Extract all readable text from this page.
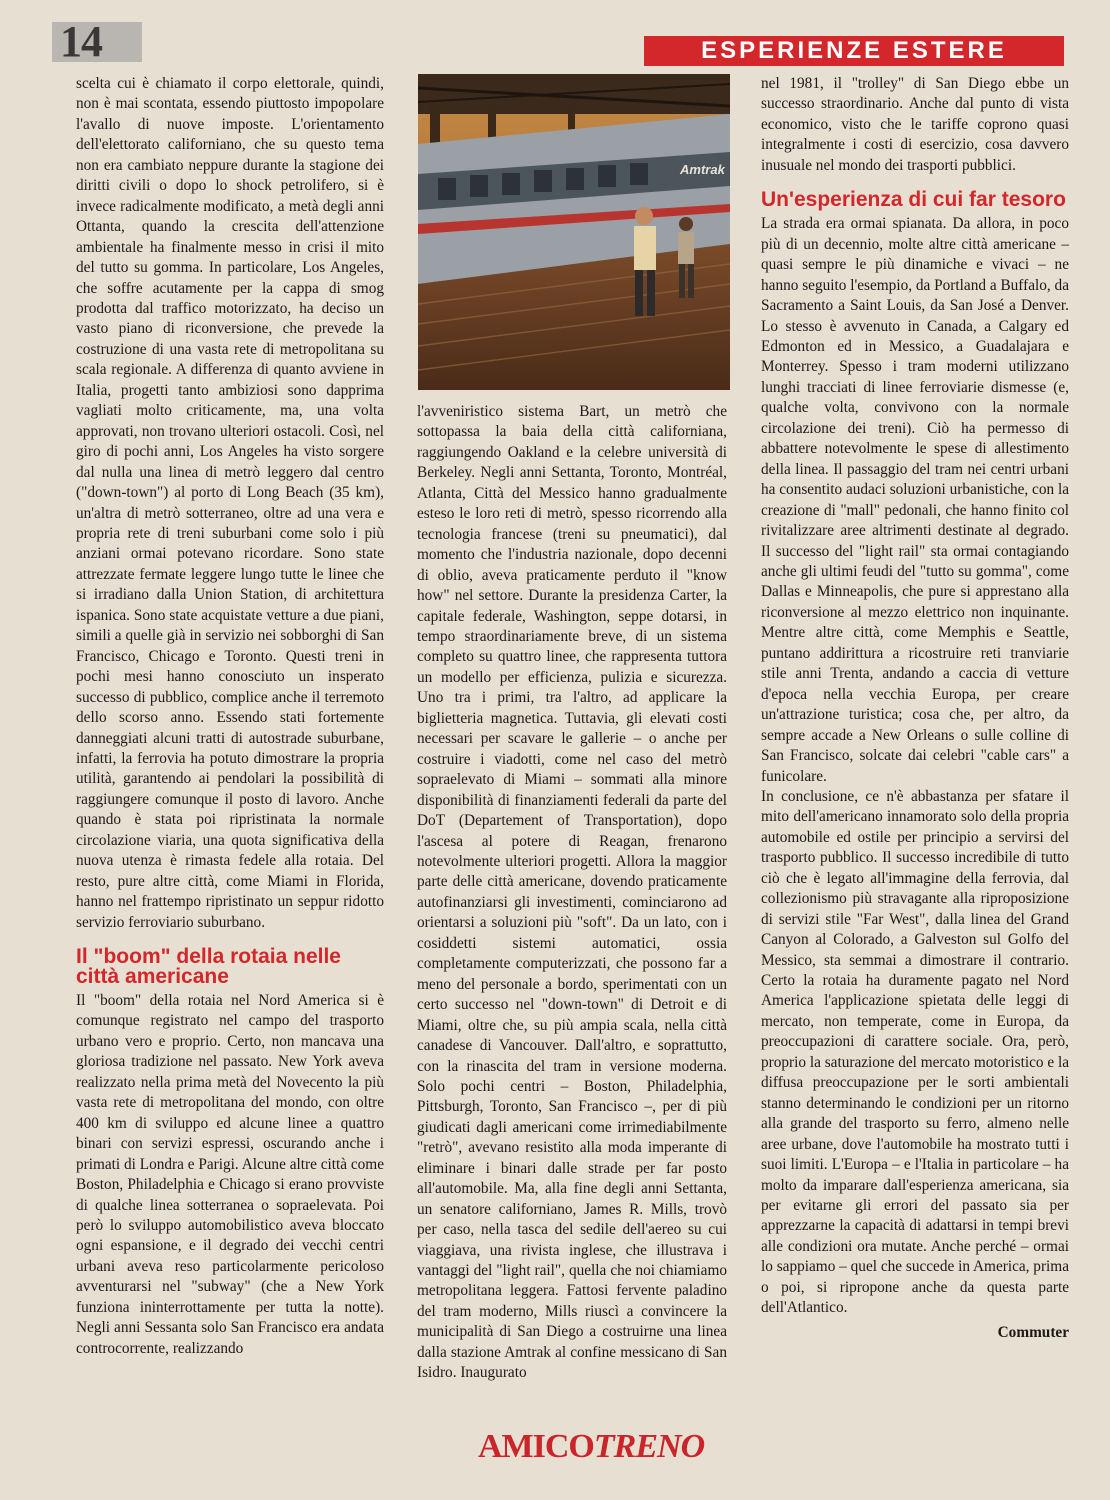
14	ESPERIENZE ESTERE

scelta cui è chiamato il corpo elettorale, quindi, non è mai scontata, essendo piuttosto impopolare l'avallo di nuove imposte. L'orientamento dell'elettorato californiano, che su questo tema non era cambiato neppure durante la stagione dei diritti civili o dopo lo shock petrolifero, si è invece radicalmente modificato, a metà degli anni Ottanta, quando la crescita dell'attenzione ambientale ha finalmente messo in crisi il mito del tutto su gomma. In particolare, Los Angeles, che soffre acutamente per la cappa di smog prodotta dal traffico motorizzato, ha deciso un vasto piano di riconversione, che prevede la costruzione di una vasta rete di metropolitana su scala regionale. A differenza di quanto avviene in Italia, progetti tanto ambiziosi sono dapprima vagliati molto criticamente, ma, una volta approvati, non trovano ulteriori ostacoli. Così, nel giro di pochi anni, Los Angeles ha visto sorgere dal nulla una linea di metrò leggero dal centro ("down-town") al porto di Long Beach (35 km), un'altra di metrò sotterraneo, oltre ad una vera e propria rete di treni suburbani come solo i più anziani ormai potevano ricordare. Sono state attrezzate fermate leggere lungo tutte le linee che si irradiano dalla Union Station, di architettura ispanica. Sono state acquistate vetture a due piani, simili a quelle già in servizio nei sobborghi di San Francisco, Chicago e Toronto. Questi treni in pochi mesi hanno conosciuto un insperato successo di pubblico, complice anche il terremoto dello scorso anno. Essendo stati fortemente danneggiati alcuni tratti di autostrade suburbane, infatti, la ferrovia ha potuto dimostrare la propria utilità, garantendo ai pendolari la possibilità di raggiungere comunque il posto di lavoro. Anche quando è stata poi ripristinata la normale circolazione viaria, una quota significativa della nuova utenza è rimasta fedele alla rotaia. Del resto, pure altre città, come Miami in Florida, hanno nel frattempo ripristinato un seppur ridotto servizio ferroviario suburbano.

Il "boom" della rotaia nelle città americane

Il "boom" della rotaia nel Nord America si è comunque registrato nel campo del trasporto urbano vero e proprio. Certo, non mancava una gloriosa tradizione nel passato. New York aveva realizzato nella prima metà del Novecento la più vasta rete di metropolitana del mondo, con oltre 400 km di sviluppo ed alcune linee a quattro binari con servizi espressi, oscurando anche i primati di Londra e Parigi. Alcune altre città come Boston, Philadelphia e Chicago si erano provviste di qualche linea sotterranea o sopraelevata. Poi però lo sviluppo automobilistico aveva bloccato ogni espansione, e il degrado dei vecchi centri urbani aveva reso particolarmente pericoloso avventurarsi nel "subway" (che a New York funziona ininterrottamente per tutta la notte). Negli anni Sessanta solo San Francisco era andata controcorrente, realizzando

Amtrak

l'avveniristico sistema Bart, un metrò che sottopassa la baia della città californiana, raggiungendo Oakland e la celebre università di Berkeley. Negli anni Settanta, Toronto, Montréal, Atlanta, Città del Messico hanno gradualmente esteso le loro reti di metrò, spesso ricorrendo alla tecnologia francese (treni su pneumatici), dal momento che l'industria nazionale, dopo decenni di oblio, aveva praticamente perduto il "know how" nel settore. Durante la presidenza Carter, la capitale federale, Washington, seppe dotarsi, in tempo straordinariamente breve, di un sistema completo su quattro linee, che rappresenta tuttora un modello per efficienza, pulizia e sicurezza. Uno tra i primi, tra l'altro, ad applicare la biglietteria magnetica. Tuttavia, gli elevati costi necessari per scavare le gallerie – o anche per costruire i viadotti, come nel caso del metrò sopraelevato di Miami – sommati alla minore disponibilità di finanziamenti federali da parte del DoT (Departement of Transportation), dopo l'ascesa al potere di Reagan, frenarono notevolmente ulteriori progetti. Allora la maggior parte delle città americane, dovendo praticamente autofinanziarsi gli investimenti, cominciarono ad orientarsi a soluzioni più "soft". Da un lato, con i cosiddetti sistemi automatici, ossia completamente computerizzati, che possono far a meno del personale a bordo, sperimentati con un certo successo nel "down-town" di Detroit e di Miami, oltre che, su più ampia scala, nella città canadese di Vancouver. Dall'altro, e soprattutto, con la rinascita del tram in versione moderna. Solo pochi centri – Boston, Philadelphia, Pittsburgh, Toronto, San Francisco –, per di più giudicati dagli americani come irrimediabilmente "retrò", avevano resistito alla moda imperante di eliminare i binari dalle strade per far posto all'automobile. Ma, alla fine degli anni Settanta, un senatore californiano, James R. Mills, trovò per caso, nella tasca del sedile dell'aereo su cui viaggiava, una rivista inglese, che illustrava i vantaggi del "light rail", quella che noi chiamiamo metropolitana leggera. Fattosi fervente paladino del tram moderno, Mills riuscì a convincere la municipalità di San Diego a costruirne una linea dalla stazione Amtrak al confine messicano di San Isidro. Inaugurato

nel 1981, il "trolley" di San Diego ebbe un successo straordinario. Anche dal punto di vista economico, visto che le tariffe coprono quasi integralmente i costi di esercizio, cosa davvero inusuale nel mondo dei trasporti pubblici.

Un'esperienza di cui far tesoro

La strada era ormai spianata. Da allora, in poco più di un decennio, molte altre città americane – quasi sempre le più dinamiche e vivaci – ne hanno seguito l'esempio, da Portland a Buffalo, da Sacramento a Saint Louis, da San José a Denver. Lo stesso è avvenuto in Canada, a Calgary ed Edmonton ed in Messico, a Guadalajara e Monterrey. Spesso i tram moderni utilizzano lunghi tracciati di linee ferroviarie dismesse (e, qualche volta, convivono con la normale circolazione dei treni). Ciò ha permesso di abbattere notevolmente le spese di allestimento della linea. Il passaggio del tram nei centri urbani ha consentito audaci soluzioni urbanistiche, con la creazione di "mall" pedonali, che hanno finito col rivitalizzare aree altrimenti destinate al degrado. Il successo del "light rail" sta ormai contagiando anche gli ultimi feudi del "tutto su gomma", come Dallas e Minneapolis, che pure si apprestano alla riconversione al mezzo elettrico non inquinante. Mentre altre città, come Memphis e Seattle, puntano addirittura a ricostruire reti tranviarie stile anni Trenta, andando a caccia di vetture d'epoca nella vecchia Europa, per creare un'attrazione turistica; cosa che, per altro, da sempre accade a New Orleans o sulle colline di San Francisco, solcate dai celebri "cable cars" a funicolare.

In conclusione, ce n'è abbastanza per sfatare il mito dell'americano innamorato solo della propria automobile ed ostile per principio a servirsi del trasporto pubblico. Il successo incredibile di tutto ciò che è legato all'immagine della ferrovia, dal collezionismo più stravagante alla riproposizione di servizi stile "Far West", dalla linea del Grand Canyon al Colorado, a Galveston sul Golfo del Messico, sta semmai a dimostrare il contrario. Certo la rotaia ha duramente pagato nel Nord America l'applicazione spietata delle leggi di mercato, non temperate, come in Europa, da preoccupazioni di carattere sociale. Ora, però, proprio la saturazione del mercato motoristico e la diffusa preoccupazione per le sorti ambientali stanno determinando le condizioni per un ritorno alla grande del trasporto su ferro, almeno nelle aree urbane, dove l'automobile ha mostrato tutti i suoi limiti. L'Europa – e l'Italia in particolare – ha molto da imparare dall'esperienza americana, sia per evitarne gli errori del passato sia per apprezzarne la capacità di adattarsi in tempi brevi alle condizioni ora mutate. Anche perché – ormai lo sappiamo – quel che succede in America, prima o poi, si ripropone anche da questa parte dell'Atlantico.

Commuter
AMICOTRENO
